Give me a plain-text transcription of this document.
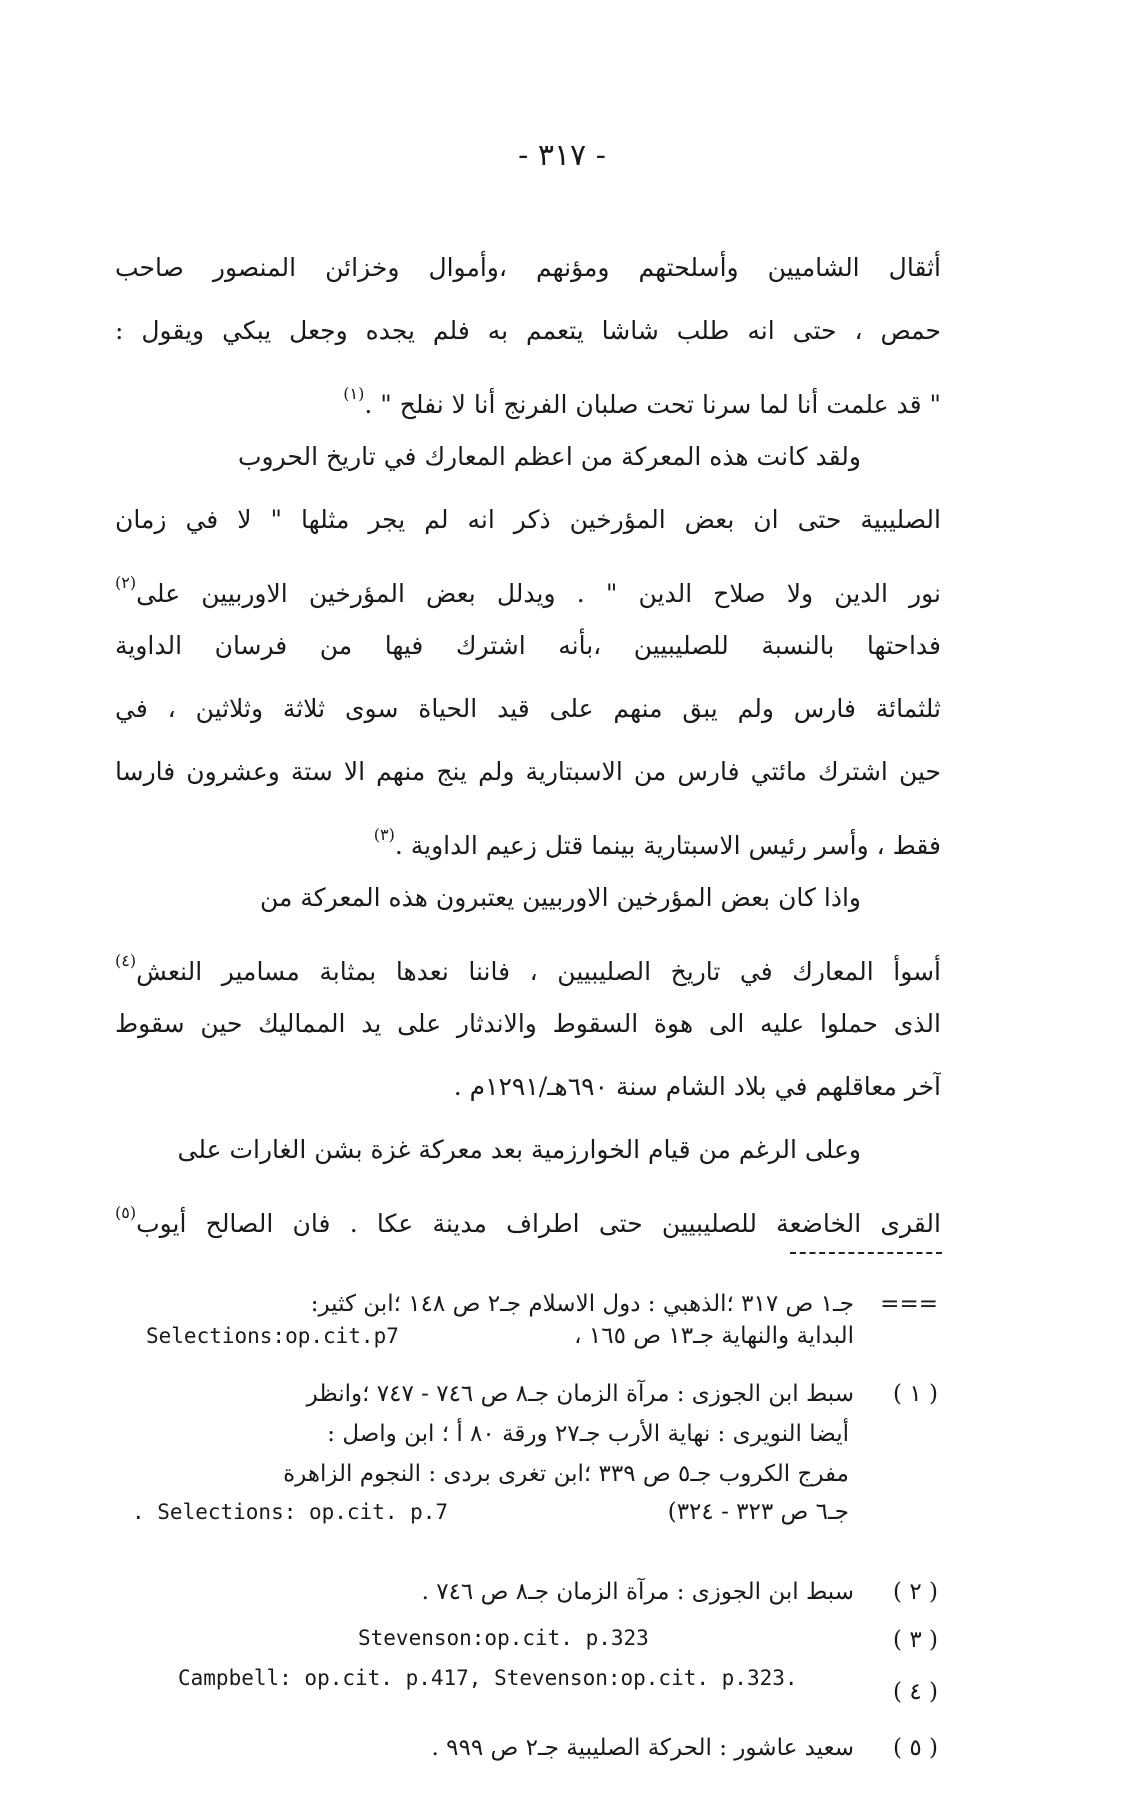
- ٣١٧ -
أثقال الشاميين وأسلحتهم ومؤنهم ،وأموال وخزائن المنصور صاحب
حمص ، حتى انه طلب شاشا يتعمم به فلم يجده وجعل يبكي ويقول :
" قد علمت أنا لما سرنا تحت صلبان الفرنج أنا لا نفلح " .$^{(١)}$
ولقد كانت هذه المعركة من اعظم المعارك في تاريخ الحروب
الصليبية حتى ان بعض المؤرخين ذكر انه لم يجر مثلها " لا في زمان
نور الدين ولا صلاح الدين " . ويدلل بعض المؤرخين الاوربيين على$^{(٢)}$
فداحتها بالنسبة للصليبيين ،بأنه اشترك فيها من فرسان الداوية
ثلثمائة فارس ولم يبق منهم على قيد الحياة سوى ثلاثة وثلاثين ، في
حين اشترك مائتي فارس من الاسبتارية ولم ينج منهم الا ستة وعشرون فارسا
فقط ، وأسر رئيس الاسبتارية بينما قتل زعيم الداوية .$^{(٣)}$
واذا كان بعض المؤرخين الاوربيين يعتبرون هذه المعركة من
أسوأ المعارك في تاريخ الصليبيين ، فاننا نعدها بمثابة مسامير النعش$^{(٤)}$
الذى حملوا عليه الى هوة السقوط والاندثار على يد المماليك حين سقوط
آخر معاقلهم في بلاد الشام سنة ٦٩٠هـ/١٢٩١م .
وعلى الرغم من قيام الخوارزمية بعد معركة غزة بشن الغارات على
القرى الخاضعة للصليبيين حتى اطراف مدينة عكا . فان الصالح أيوب$^{(٥)}$
===
جـ١ ص ٣١٧ ؛الذهبي : دول الاسلام جـ٢ ص ١٤٨ ؛ابن كثير:
البداية والنهاية جـ١٣ ص ١٦٥ ،
Selections:op.cit.p7
( ١ )
سبط ابن الجوزى : مرآة الزمان جـ٨ ص ٧٤٦ - ٧٤٧ ؛وانظر
أيضا النويرى : نهاية الأرب جـ٢٧ ورقة ٨٠ أ ؛ ابن واصل :
مفرج الكروب جـ٥ ص ٣٣٩ ؛ابن تغرى بردى : النجوم الزاهرة
جـ٦ ص ٣٢٣ - ٣٢٤)
. Selections: op.cit. p.7
( ٢ )
سبط ابن الجوزى : مرآة الزمان جـ٨ ص ٧٤٦ .
( ٣ )
Stevenson:op.cit. p.323
( ٤ )
Campbell: op.cit. p.417, Stevenson:op.cit. p.323.
( ٥ )
سعيد عاشور : الحركة الصليبية جـ٢ ص ٩٩٩ .
